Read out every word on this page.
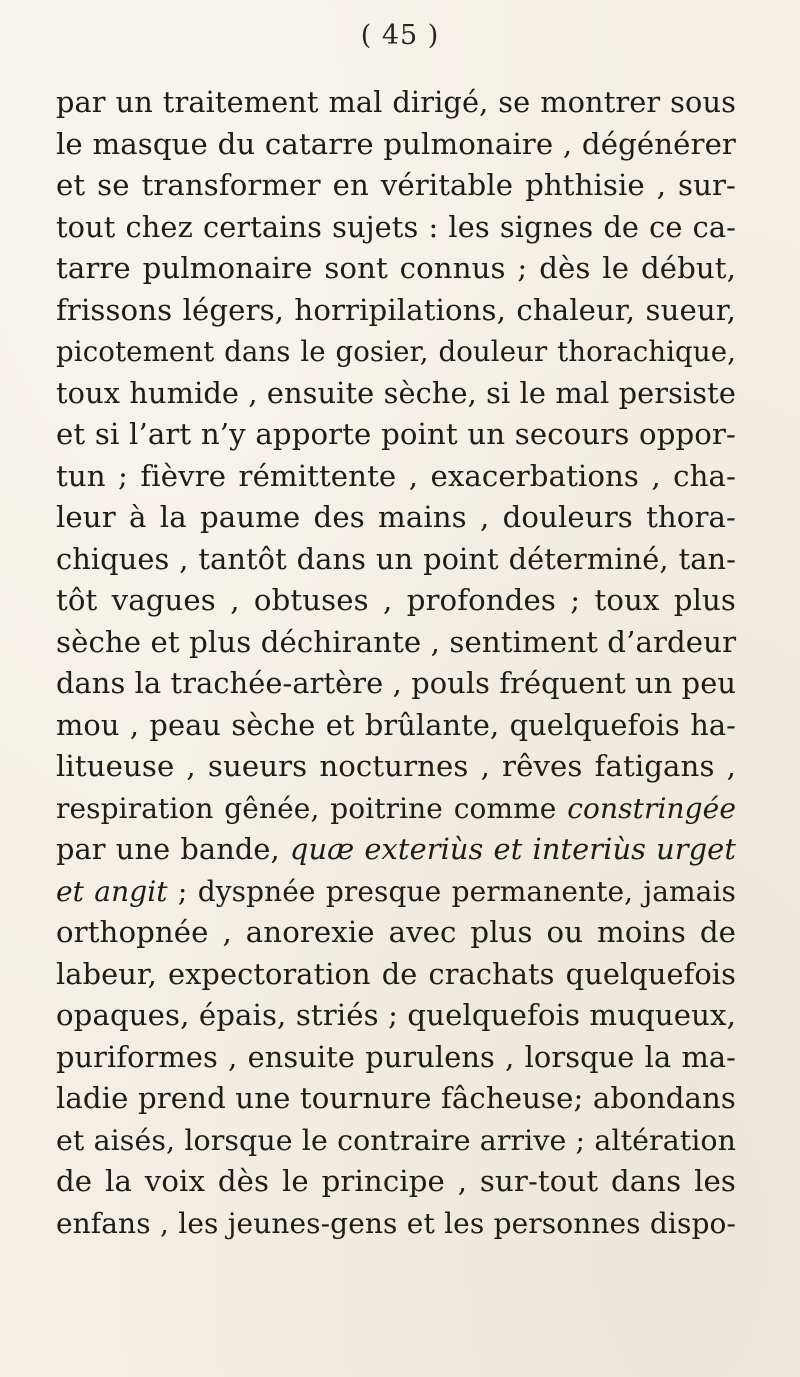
( 45 )
par un traitement mal dirigé, se montrer sous
le masque du catarre pulmonaire , dégénérer
et se transformer en véritable phthisie , sur-
tout chez certains sujets : les signes de ce ca-
tarre pulmonaire sont connus ; dès le début,
frissons légers, horripilations, chaleur, sueur,
picotement dans le gosier, douleur thorachique,
toux humide , ensuite sèche, si le mal persiste
et si l’art n’y apporte point un secours oppor-
tun ; fièvre rémittente , exacerbations , cha-
leur à la paume des mains , douleurs thora-
chiques , tantôt dans un point déterminé, tan-
tôt vagues , obtuses , profondes ; toux plus
sèche et plus déchirante , sentiment d’ardeur
dans la trachée-artère , pouls fréquent un peu
mou , peau sèche et brûlante, quelquefois ha-
litueuse , sueurs nocturnes , rêves fatigans ,
respiration gênée, poitrine comme constringée
par une bande, quæ exteriùs et interiùs urget
et angit ; dyspnée presque permanente, jamais
orthopnée , anorexie avec plus ou moins de
labeur, expectoration de crachats quelquefois
opaques, épais, striés ; quelquefois muqueux,
puriformes , ensuite purulens , lorsque la ma-
ladie prend une tournure fâcheuse; abondans
et aisés, lorsque le contraire arrive ; altération
de la voix dès le principe , sur-tout dans les
enfans , les jeunes-gens et les personnes dispo-
